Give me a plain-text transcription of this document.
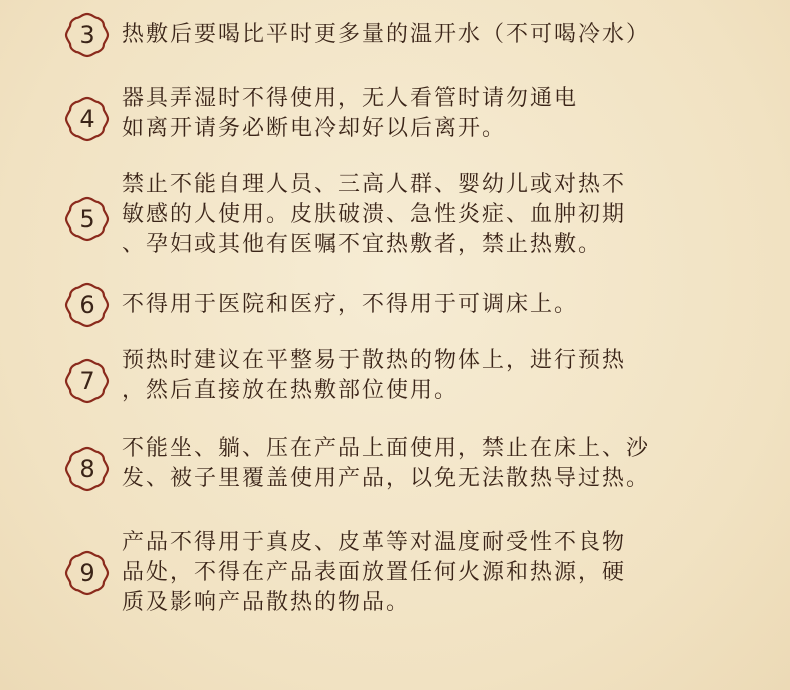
3	热敷后要喝比平时更多量的温开水（不可喝冷水）
4
器具弄湿时不得使用，无人看管时请勿通电
如离开请务必断电冷却好以后离开。
5
禁止不能自理人员、三高人群、婴幼儿或对热不
敏感的人使用。皮肤破溃、急性炎症、血肿初期
、孕妇或其他有医嘱不宜热敷者，禁止热敷。
6	不得用于医院和医疗，不得用于可调床上。
7
预热时建议在平整易于散热的物体上，进行预热
，然后直接放在热敷部位使用。
8
不能坐、躺、压在产品上面使用，禁止在床上、沙
发、被子里覆盖使用产品，以免无法散热导过热。
9
产品不得用于真皮、皮革等对温度耐受性不良物
品处，不得在产品表面放置任何火源和热源，硬
质及影响产品散热的物品。
